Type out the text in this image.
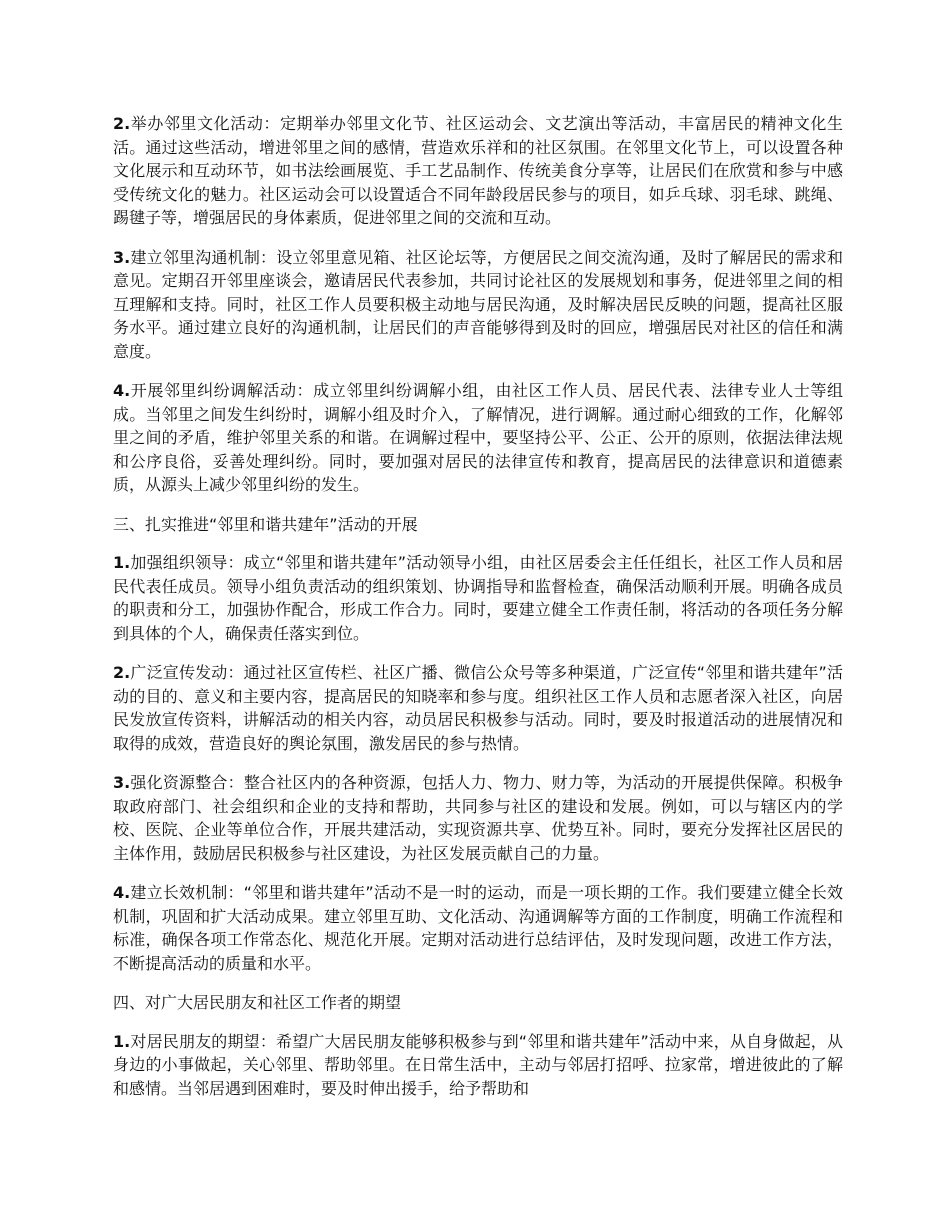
2.举办邻里文化活动：定期举办邻里文化节、社区运动会、文艺演出等活动，丰富居民的精神文化生活。通过这些活动，增进邻里之间的感情，营造欢乐祥和的社区氛围。在邻里文化节上，可以设置各种文化展示和互动环节，如书法绘画展览、手工艺品制作、传统美食分享等，让居民们在欣赏和参与中感受传统文化的魅力。社区运动会可以设置适合不同年龄段居民参与的项目，如乒乓球、羽毛球、跳绳、踢毽子等，增强居民的身体素质，促进邻里之间的交流和互动。

3.建立邻里沟通机制：设立邻里意见箱、社区论坛等，方便居民之间交流沟通，及时了解居民的需求和意见。定期召开邻里座谈会，邀请居民代表参加，共同讨论社区的发展规划和事务，促进邻里之间的相互理解和支持。同时，社区工作人员要积极主动地与居民沟通，及时解决居民反映的问题，提高社区服务水平。通过建立良好的沟通机制，让居民们的声音能够得到及时的回应，增强居民对社区的信任和满意度。

4.开展邻里纠纷调解活动：成立邻里纠纷调解小组，由社区工作人员、居民代表、法律专业人士等组成。当邻里之间发生纠纷时，调解小组及时介入，了解情况，进行调解。通过耐心细致的工作，化解邻里之间的矛盾，维护邻里关系的和谐。在调解过程中，要坚持公平、公正、公开的原则，依据法律法规和公序良俗，妥善处理纠纷。同时，要加强对居民的法律宣传和教育，提高居民的法律意识和道德素质，从源头上减少邻里纠纷的发生。

三、扎实推进“邻里和谐共建年”活动的开展

1.加强组织领导：成立“邻里和谐共建年”活动领导小组，由社区居委会主任任组长，社区工作人员和居民代表任成员。领导小组负责活动的组织策划、协调指导和监督检查，确保活动顺利开展。明确各成员的职责和分工，加强协作配合，形成工作合力。同时，要建立健全工作责任制，将活动的各项任务分解到具体的个人，确保责任落实到位。

2.广泛宣传发动：通过社区宣传栏、社区广播、微信公众号等多种渠道，广泛宣传“邻里和谐共建年”活动的目的、意义和主要内容，提高居民的知晓率和参与度。组织社区工作人员和志愿者深入社区，向居民发放宣传资料，讲解活动的相关内容，动员居民积极参与活动。同时，要及时报道活动的进展情况和取得的成效，营造良好的舆论氛围，激发居民的参与热情。

3.强化资源整合：整合社区内的各种资源，包括人力、物力、财力等，为活动的开展提供保障。积极争取政府部门、社会组织和企业的支持和帮助，共同参与社区的建设和发展。例如，可以与辖区内的学校、医院、企业等单位合作，开展共建活动，实现资源共享、优势互补。同时，要充分发挥社区居民的主体作用，鼓励居民积极参与社区建设，为社区发展贡献自己的力量。

4.建立长效机制：“邻里和谐共建年”活动不是一时的运动，而是一项长期的工作。我们要建立健全长效机制，巩固和扩大活动成果。建立邻里互助、文化活动、沟通调解等方面的工作制度，明确工作流程和标准，确保各项工作常态化、规范化开展。定期对活动进行总结评估，及时发现问题，改进工作方法，不断提高活动的质量和水平。

四、对广大居民朋友和社区工作者的期望

1.对居民朋友的期望：希望广大居民朋友能够积极参与到“邻里和谐共建年”活动中来，从自身做起，从身边的小事做起，关心邻里、帮助邻里。在日常生活中，主动与邻居打招呼、拉家常，增进彼此的了解和感情。当邻居遇到困难时，要及时伸出援手，给予帮助和
